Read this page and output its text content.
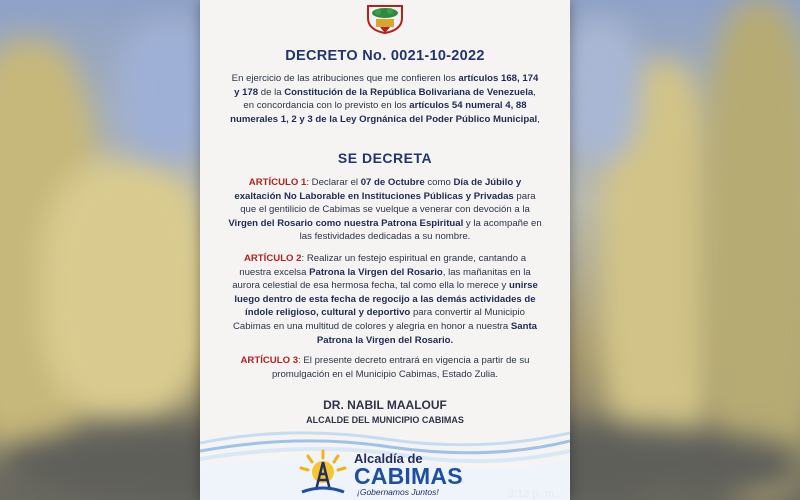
DECRETO No. 0021-10-2022
En ejercicio de las atribuciones que me confieren los artículos 168, 174 y 178 de la Constitución de la República Bolivariana de Venezuela, en concordancia con lo previsto en los artículos 54 numeral 4, 88 numerales 1, 2 y 3 de la Ley Orgnánica del Poder Público Municipal,
SE DECRETA
ARTÍCULO 1: Declarar el 07 de Octubre como Día de Júbilo y exaltación No Laborable en Instituciones Públicas y Privadas para que el gentilicio de Cabimas se vuelque a venerar con devoción a la Virgen del Rosario como nuestra Patrona Espiritual y la acompañe en las festividades dedicadas a su nombre.
ARTÍCULO 2: Realizar un festejo espiritual en grande, cantando a nuestra excelsa Patrona la Virgen del Rosario, las mañanitas en la aurora celestial de esa hermosa fecha, tal como ella lo merece y unirse luego dentro de esta fecha de regocijo a las demás actividades de índole religioso, cultural y deportivo para convertir al Municipio Cabimas en una multitud de colores y alegria en honor a nuestra Santa Patrona la Virgen del Rosario.
ARTÍCULO 3: El presente decreto entrará en vigencia a partir de su promulgación en el Municipio Cabimas, Estado Zulia.
DR. NABIL MAALOUF
ALCALDE DEL MUNICIPIO CABIMAS
Alcaldía de
CABIMAS
¡Gobernamos Juntos!	3:13 p. m.
